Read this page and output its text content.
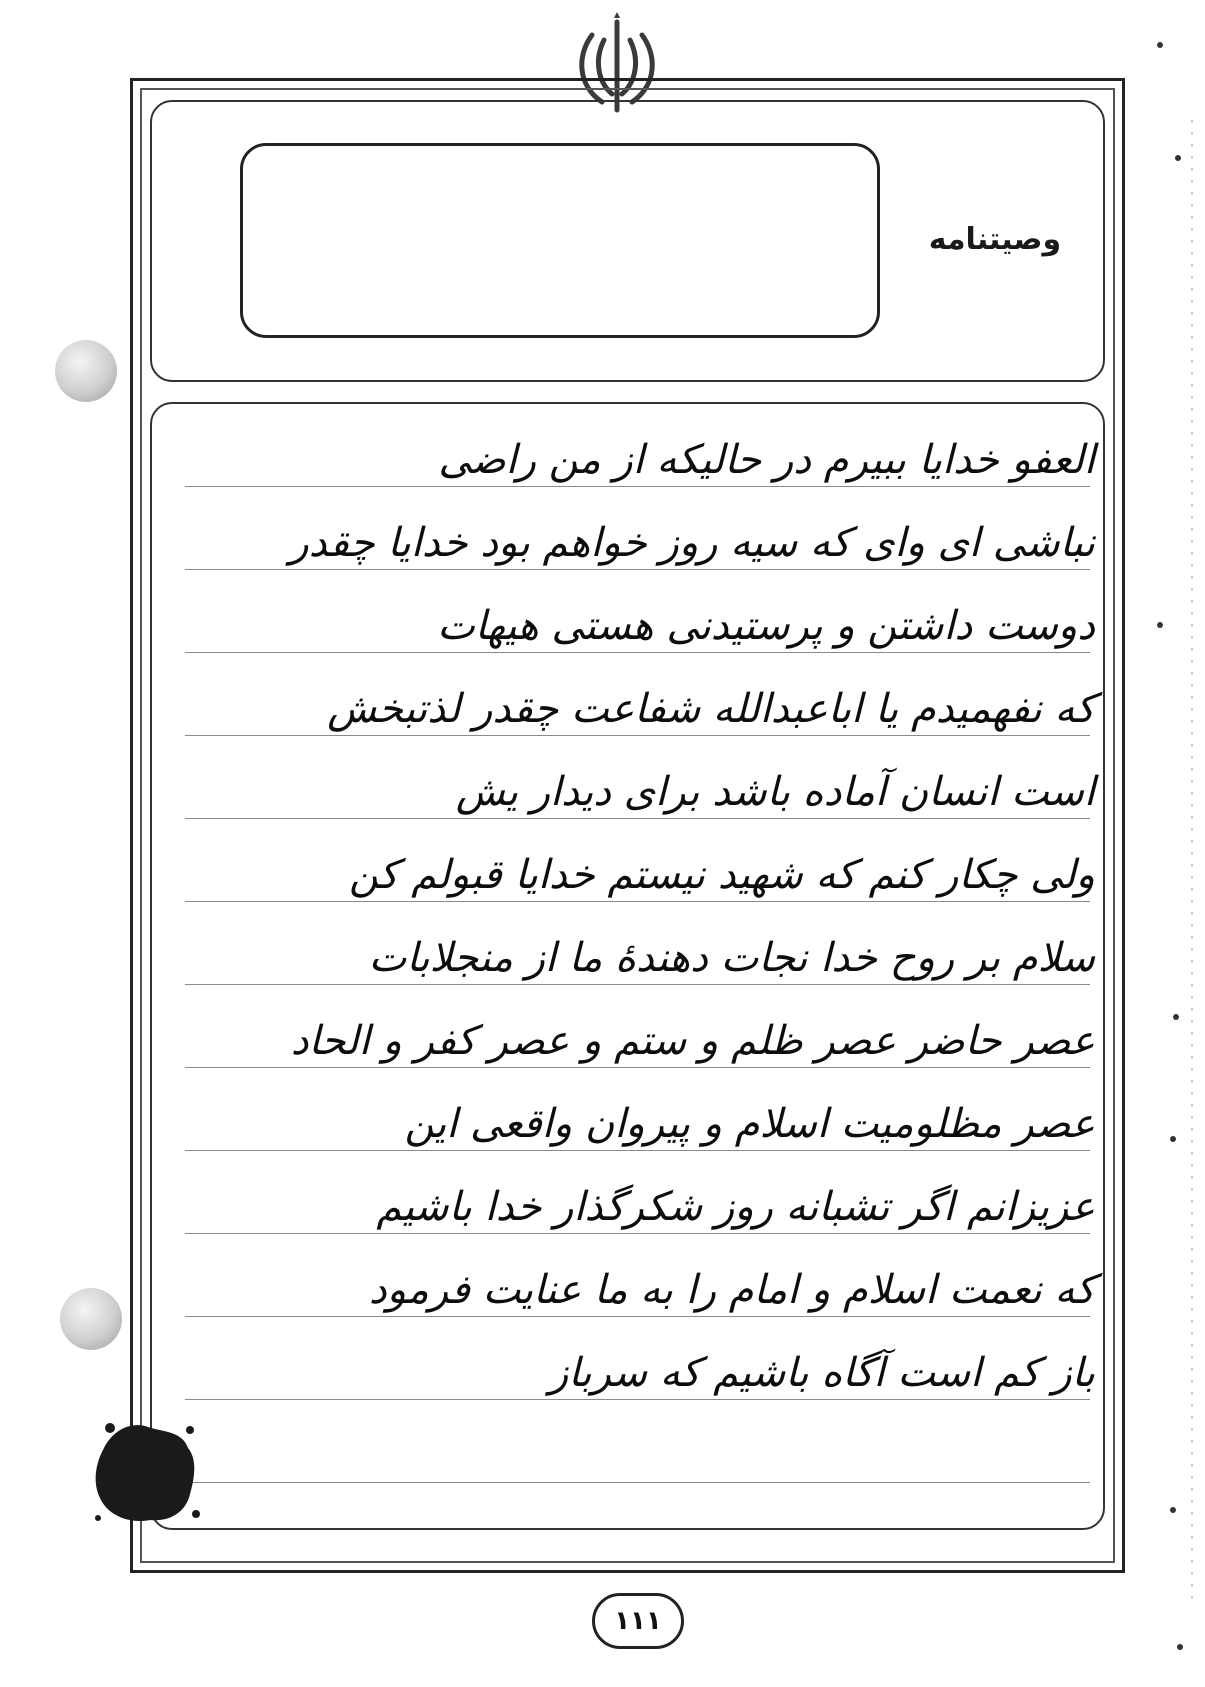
وصیتنامه
العفو خدایا ببیرم در حالیکه از من راضی
نباشی ای وای که سیه روز خواهم بود خدایا چقدر
دوست داشتن و پرستیدنی هستی هیهات
که نفهمیدم یا اباعبدالله شفاعت چقدر لذتبخش
است انسان آماده باشد برای دیدار یش
ولی چکار کنم که شهید نیستم خدایا قبولم کن
سلام بر روح خدا نجات دهندهٔ ما از منجلابات
عصر حاضر عصر ظلم و ستم و عصر کفر و الحاد
عصر مظلومیت اسلام و پیروان واقعی این
عزیزانم اگر تشبانه روز شکرگذار خدا باشیم
که نعمت اسلام و امام را به ما عنایت فرمود
باز کم است آگاه باشیم که سرباز
۱۱۱
